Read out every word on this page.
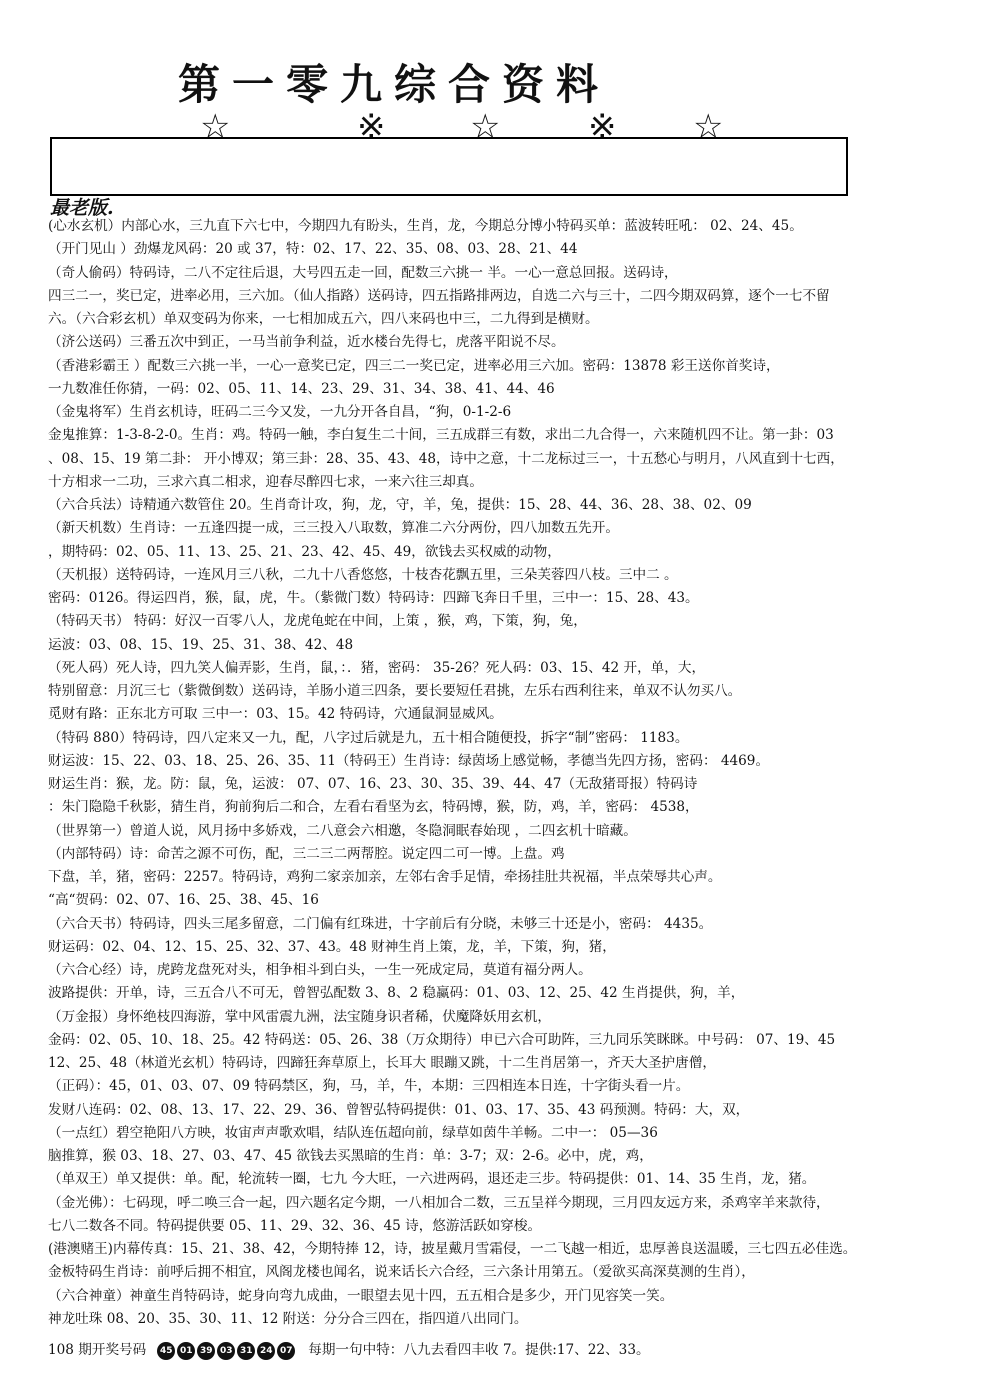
第一零九综合资料
☆	※ ☆	※ ☆
最老版.
(心水玄机）内部心水，三九直下六七中，今期四九有盼头，生肖，龙，今期总分博小特码买单：蓝波转旺吼： 02、24、45。
（开门见山 ）劲爆龙风码：20 或 37，特：02、17、22、35、08、03、28、21、44
（奇人偷码）特码诗，二八不定往后退，大号四五走一回，配数三六挑一 半。一心一意总回报。送码诗，
四三二一，奖已定，进率必用，三六加。（仙人指路）送码诗，四五指路排两边，自选二六与三十，二四今期双码算，逐个一七不留
六。（六合彩玄机）单双变码为你来，一七相加成五六，四八来码也中三，二九得到是横财。
（济公送码）三番五次中到正，一马当前争利益，近水楼台先得七，虎落平阳说不尽。
（香港彩霸王 ）配数三六挑一半，一心一意奖已定，四三二一奖已定，进率必用三六加。密码：13878 彩王送你首奖诗，
一九数准任你猜，一码：02、05、11、14、23、29、31、34、38、41、44、46
（金鬼将军）生肖玄机诗，旺码二三今又发，一九分开各自昌，“狗，0-1-2-6
金鬼推算：1-3-8-2-0。生肖：鸡。特码一触，李白复生二十间，三五成群三有数，求出二九合得一，六来随机四不让。第一卦：03
、08、15、19 第二卦： 开小博双；第三卦：28、35、43、48，诗中之意，十二龙标过三一，十五愁心与明月，八风直到十七西，
十方相求一二功，三求六真二相求，迎春尽醉四七求，一来六往三却真。
（六合兵法）诗精通六数管住 20。生肖奇计攻，狗，龙，守，羊，兔，提供：15、28、44、36、28、38、02、09
（新天机数）生肖诗：一五逢四提一成，三三投入八取数，算准二六分两份，四八加数五先开。
，期特码：02、05、11、13、25、21、23、42、45、49，欲钱去买权威的动物，
（天机报）送特码诗，一连风月三八秋，二九十八香悠悠，十枝杏花飘五里，三朵芙蓉四八枝。三中二 。
密码：0126。得运四肖，猴，鼠，虎，牛。（紫微门数）特码诗：四蹄飞奔日千里，三中一：15、28、43。
（特码天书） 特码：好汉一百零八人，龙虎龟蛇在中间，上策 ，猴，鸡，下策，狗，兔，
运波：03、08、15、19、25、31、38、42、48
（死人码）死人诗，四九笑人偏弄影，生肖，鼠，：．猪，密码： 35-26？死人码：03、15、42 开，单，大，
特别留意：月沉三七（紫微倒数）送码诗，羊肠小道三四条，要长要短任君挑，左乐右西利往来，单双不认勿买八。
觅财有路：正东北方可取 三中一：03、15。42 特码诗，穴通鼠洞显威风。
（特码 880）特码诗，四八定来又一九，配，八字过后就是九，五十相合随便投，拆字“制”密码： 1183。
财运波：15、22、03、18、25、26、35、11（特码王）生肖诗：绿茵场上感觉畅，孝德当先四方扬，密码： 4469。
财运生肖：猴，龙。防：鼠，兔，运波： 07、07、16、23、30、35、39、44、47（无敌猪哥报）特码诗
：朱门隐隐千秋影，猜生肖，狗前狗后二和合，左看右看坚为玄，特码博，猴，防，鸡，羊，密码： 4538，
（世界第一）曾道人说，风月扬中多娇戏，二八意会六相邀，冬隐洞眠春始现 ，二四玄机十暗藏。
（内部特码）诗：命苦之源不可伤，配，三二三二两帮腔。说定四二可一博。上盘。鸡
下盘，羊，猪，密码：2257。特码诗，鸡狗二家亲加亲，左邻右舍手足情，牵扬挂肚共祝福，半点荣辱共心声。
“高“贺码：02、07、16、25、38、45、16
（六合天书）特码诗，四头三尾多留意，二门偏有红珠进，十字前后有分晓，未够三十还是小，密码： 4435。
财运码：02、04、12、15、25、32、37、43。48 财神生肖上策，龙，羊，下策，狗，猪，
（六合心经）诗，虎跨龙盘死对头，相争相斗到白头，一生一死成定局，莫道有福分两人。
波路提供：开单，诗，三五合八不可无，曾智弘配数 3、8、2 稳赢码：01、03、12、25、42 生肖提供，狗，羊，
（万金报）身怀绝枝四海游，掌中风雷震九洲，法宝随身识者稀，伏魔降妖用玄机，
金码：02、05、10、18、25。42 特码送：05、26、38（万众期待）申已六合可助阵，三九同乐笑眯眯。中号码： 07、19、45
12、25、48（林道光玄机）特码诗，四蹄狂奔草原上，长耳大 眼蹦又跳，十二生肖居第一，齐天大圣护唐僧，
（正码）：45，01、03、07、09 特码禁区，狗，马，羊，牛，本期：三四相连本日连，十字街头看一片。
发财八连码：02、08、13、17、22、29、36、曾智弘特码提供：01、03、17、35、43 码预测。特码：大，双，
（一点红）碧空艳阳八方映，妆宙声声歌欢唱，结队连伍超向前，绿草如茵牛羊畅。二中一： 05—36
脑推算，猴 03、18、27、03、47、45 欲钱去买黑暗的生肖：单：3-7；双：2-6。必中，虎，鸡，
（单双王）单又提供：单。配，轮流转一圈，七九 今大旺，一六进两码，退还走三步。特码提供：01、14、35 生肖，龙，猪。
（金光佛）：七码现，呼二唤三合一起，四六题名定今期，一八相加合二数，三五呈祥今期现，三月四友远方来，杀鸡宰羊来款待，
七八二数各不同。特码提供要 05、11、29、32、36、45 诗，悠游活跃如穿梭。
(港澳赌王)内幕传真：15、21、38、42，今期特捧 12，诗，披星戴月雪霜侵，一二飞越一相近，忠厚善良送温暖，三七四五必佳选。
金板特码生肖诗：前呼后拥不相宜，风阁龙楼也闻名，说来话长六合经，三六条计用第五。（爱欲买高深莫测的生肖），
（六合神童）神童生肖特码诗，蛇身向弯九成曲，一眼望去见十四，五五相合是多少，开门见容笑一笑。
神龙吐珠 08、20、35、30、11、12 附送：分分合三四在，指四道八出同门。
108 期开奖号码	45 01 39 03 31 24 07 每期一句中特：八九去看四丰收 7。提供:17、22、33。
